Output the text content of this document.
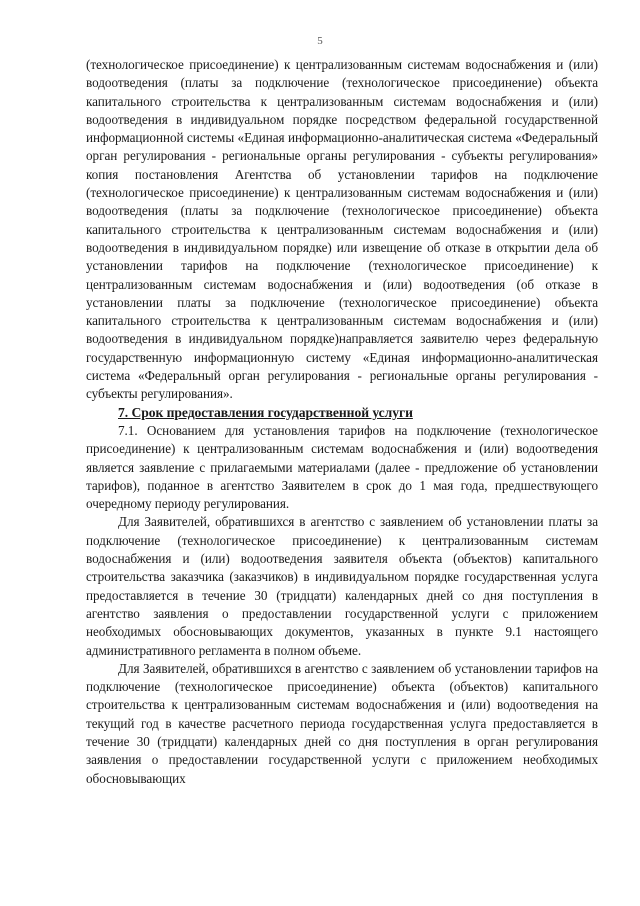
5

(технологическое присоединение) к централизованным системам водоснабжения и (или) водоотведения (платы за подключение (технологическое присоединение) объекта капитального строительства к централизованным системам водоснабжения и (или) водоотведения в индивидуальном порядке посредством федеральной государственной информационной системы «Единая информационно-аналитическая система «Федеральный орган регулирования - региональные органы регулирования - субъекты регулирования» копия постановления Агентства об установлении тарифов на подключение (технологическое присоединение) к централизованным системам водоснабжения и (или) водоотведения (платы за подключение (технологическое присоединение) объекта капитального строительства к централизованным системам водоснабжения и (или) водоотведения в индивидуальном порядке) или извещение об отказе в открытии дела об установлении тарифов на подключение (технологическое присоединение) к централизованным системам водоснабжения и (или) водоотведения (об отказе в установлении платы за подключение (технологическое присоединение) объекта капитального строительства к централизованным системам водоснабжения и (или) водоотведения в индивидуальном порядке)направляется заявителю через федеральную государственную информационную систему «Единая информационно-аналитическая система «Федеральный орган регулирования - региональные органы регулирования - субъекты регулирования».

7. Срок предоставления государственной услуги

7.1. Основанием для установления тарифов на подключение (технологическое присоединение) к централизованным системам водоснабжения и (или) водоотведения является заявление с прилагаемыми материалами (далее - предложение об установлении тарифов), поданное в агентство Заявителем в срок до 1 мая года, предшествующего очередному периоду регулирования.

Для Заявителей, обратившихся в агентство с заявлением об установлении платы за подключение (технологическое присоединение) к централизованным системам водоснабжения и (или) водоотведения заявителя объекта (объектов) капитального строительства заказчика (заказчиков) в индивидуальном порядке государственная услуга предоставляется в течение 30 (тридцати) календарных дней со дня поступления в агентство заявления о предоставлении государственной услуги с приложением необходимых обосновывающих документов, указанных в пункте 9.1 настоящего административного регламента в полном объеме.

Для Заявителей, обратившихся в агентство с заявлением об установлении тарифов на подключение (технологическое присоединение) объекта (объектов) капитального строительства к централизованным системам водоснабжения и (или) водоотведения на текущий год в качестве расчетного периода государственная услуга предоставляется в течение 30 (тридцати) календарных дней со дня поступления в орган регулирования заявления о предоставлении государственной услуги с приложением необходимых обосновывающих
